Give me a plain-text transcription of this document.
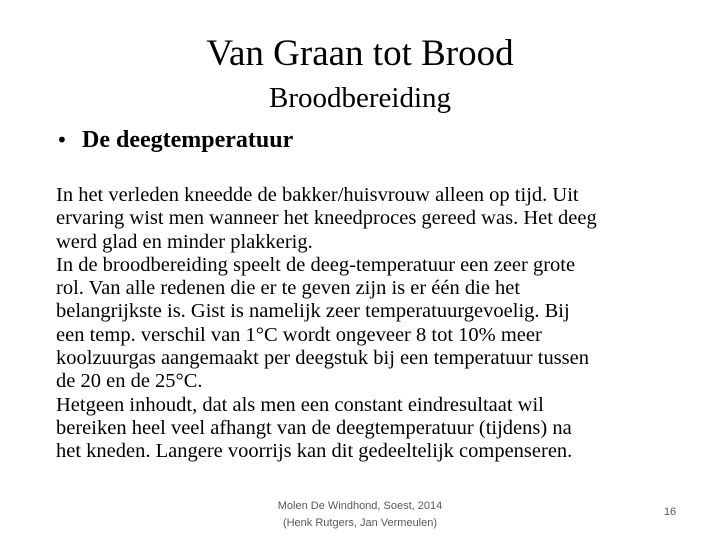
Van Graan tot Brood
Broodbereiding
• De deegtemperatuur
In het verleden kneedde de bakker/huisvrouw alleen op tijd. Uit
ervaring wist men wanneer het kneedproces gereed was. Het deeg
werd glad en minder plakkerig.
In de broodbereiding speelt de deeg-temperatuur een zeer grote
rol. Van alle redenen die er te geven zijn is er één die het
belangrijkste is. Gist is namelijk zeer temperatuurgevoelig. Bij
een temp. verschil van 1°C wordt ongeveer 8 tot 10% meer
koolzuurgas aangemaakt per deegstuk bij een temperatuur tussen
de 20 en de 25°C.
Hetgeen inhoudt, dat als men een constant eindresultaat wil
bereiken heel veel afhangt van de deegtemperatuur (tijdens) na
het kneden. Langere voorrijs kan dit gedeeltelijk compenseren.
Molen De Windhond, Soest, 2014
(Henk Rutgers, Jan Vermeulen)
16
